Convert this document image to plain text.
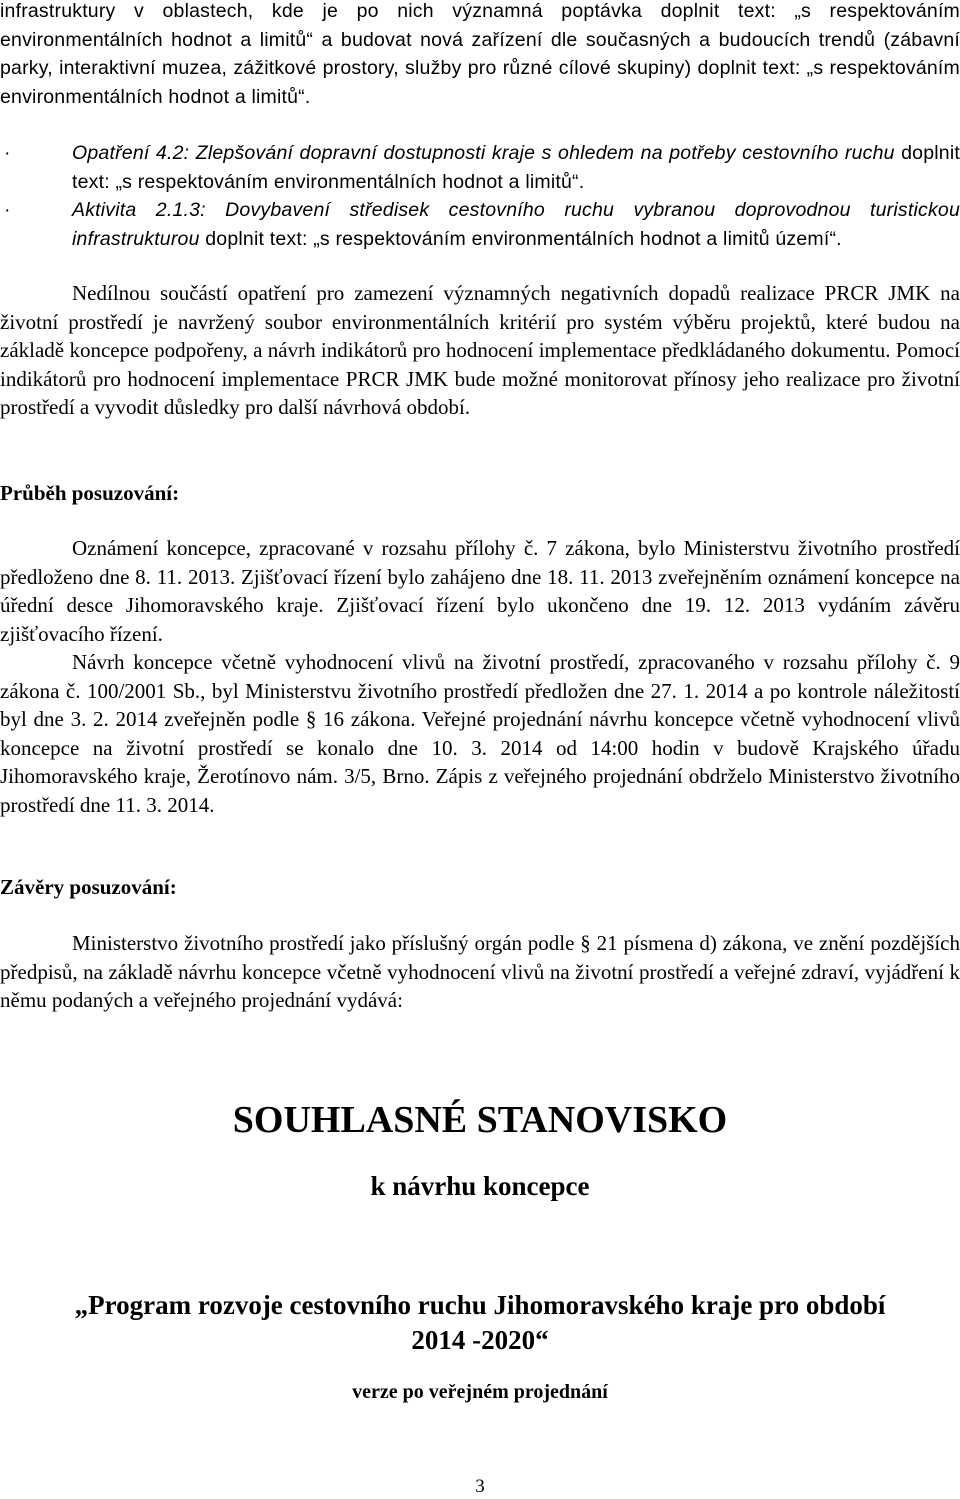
infrastruktury v oblastech, kde je po nich významná poptávka doplnit text: „s respektováním environmentálních hodnot a limitů“ a budovat nová zařízení dle současných a budoucích trendů (zábavní parky, interaktivní muzea, zážitkové prostory, služby pro různé cílové skupiny) doplnit text: „s respektováním environmentálních hodnot a limitů“.
·	Opatření 4.2: Zlepšování dopravní dostupnosti kraje s ohledem na potřeby cestovního ruchu doplnit text: „s respektováním environmentálních hodnot a limitů“.
·	Aktivita 2.1.3: Dovybavení středisek cestovního ruchu vybranou doprovodnou turistickou infrastrukturou doplnit text: „s respektováním environmentálních hodnot a limitů území“.
Nedílnou součástí opatření pro zamezení významných negativních dopadů realizace PRCR JMK na životní prostředí je navržený soubor environmentálních kritérií pro systém výběru projektů, které budou na základě koncepce podpořeny, a návrh indikátorů pro hodnocení implementace předkládaného dokumentu. Pomocí indikátorů pro hodnocení implementace PRCR JMK bude možné monitorovat přínosy jeho realizace pro životní prostředí a vyvodit důsledky pro další návrhová období.
Průběh posuzování:
Oznámení koncepce, zpracované v rozsahu přílohy č. 7 zákona, bylo Ministerstvu životního prostředí předloženo dne 8. 11. 2013. Zjišťovací řízení bylo zahájeno dne 18. 11. 2013 zveřejněním oznámení koncepce na úřední desce Jihomoravského kraje. Zjišťovací řízení bylo ukončeno dne 19. 12. 2013 vydáním závěru zjišťovacího řízení.
Návrh koncepce včetně vyhodnocení vlivů na životní prostředí, zpracovaného v rozsahu přílohy č. 9 zákona č. 100/2001 Sb., byl Ministerstvu životního prostředí předložen dne 27. 1. 2014 a po kontrole náležitostí byl dne 3. 2. 2014 zveřejněn podle § 16 zákona. Veřejné projednání návrhu koncepce včetně vyhodnocení vlivů koncepce na životní prostředí se konalo dne 10. 3. 2014 od 14:00 hodin v budově Krajského úřadu Jihomoravského kraje, Žerotínovo nám. 3/5, Brno. Zápis z veřejného projednání obdrželo Ministerstvo životního prostředí dne 11. 3. 2014.
Závěry posuzování:
Ministerstvo životního prostředí jako příslušný orgán podle § 21 písmena d) zákona, ve znění pozdějších předpisů, na základě návrhu koncepce včetně vyhodnocení vlivů na životní prostředí a veřejné zdraví, vyjádření k němu podaných a veřejného projednání vydává:
SOUHLASNÉ STANOVISKO
k návrhu koncepce
„Program rozvoje cestovního ruchu Jihomoravského kraje pro období
2014 -2020“
verze po veřejném projednání
3
